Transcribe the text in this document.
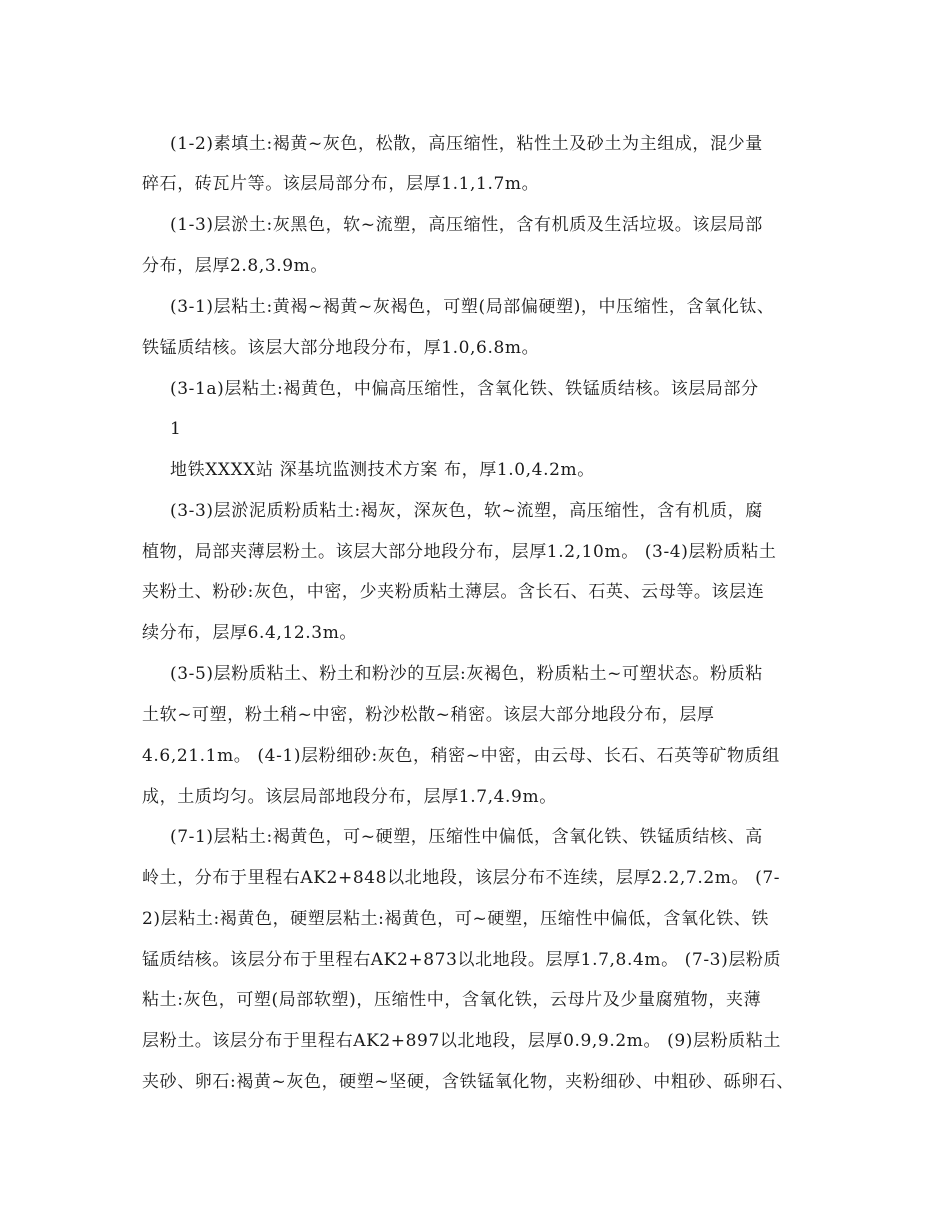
(1-2)素填土:褐黄~灰色，松散，高压缩性，粘性土及砂土为主组成，混少量
碎石，砖瓦片等。该层局部分布，层厚1.1,1.7m。
(1-3)层淤土:灰黑色，软~流塑，高压缩性，含有机质及生活垃圾。该层局部
分布，层厚2.8,3.9m。
(3-1)层粘土:黄褐~褐黄~灰褐色，可塑(局部偏硬塑)，中压缩性，含氧化钛、
铁锰质结核。该层大部分地段分布，厚1.0,6.8m。
(3-1a)层粘土:褐黄色，中偏高压缩性，含氧化铁、铁锰质结核。该层局部分
1
地铁XXXX站 深基坑监测技术方案 布，厚1.0,4.2m。
(3-3)层淤泥质粉质粘土:褐灰，深灰色，软~流塑，高压缩性，含有机质，腐
植物，局部夹薄层粉土。该层大部分地段分布，层厚1.2,10m。 (3-4)层粉质粘土
夹粉土、粉砂:灰色，中密，少夹粉质粘土薄层。含长石、石英、云母等。该层连
续分布，层厚6.4,12.3m。
(3-5)层粉质粘土、粉土和粉沙的互层:灰褐色，粉质粘土~可塑状态。粉质粘
土软~可塑，粉土稍~中密，粉沙松散~稍密。该层大部分地段分布，层厚
4.6,21.1m。 (4-1)层粉细砂:灰色，稍密~中密，由云母、长石、石英等矿物质组
成，土质均匀。该层局部地段分布，层厚1.7,4.9m。
(7-1)层粘土:褐黄色，可~硬塑，压缩性中偏低，含氧化铁、铁锰质结核、高
岭土，分布于里程右AK2+848以北地段，该层分布不连续，层厚2.2,7.2m。 (7-
2)层粘土:褐黄色，硬塑层粘土:褐黄色，可~硬塑，压缩性中偏低，含氧化铁、铁
锰质结核。该层分布于里程右AK2+873以北地段。层厚1.7,8.4m。 (7-3)层粉质
粘土:灰色，可塑(局部软塑)，压缩性中，含氧化铁，云母片及少量腐殖物，夹薄
层粉土。该层分布于里程右AK2+897以北地段，层厚0.9,9.2m。 (9)层粉质粘土
夹砂、卵石:褐黄~灰色，硬塑~坚硬，含铁锰氧化物，夹粉细砂、中粗砂、砾卵石、
